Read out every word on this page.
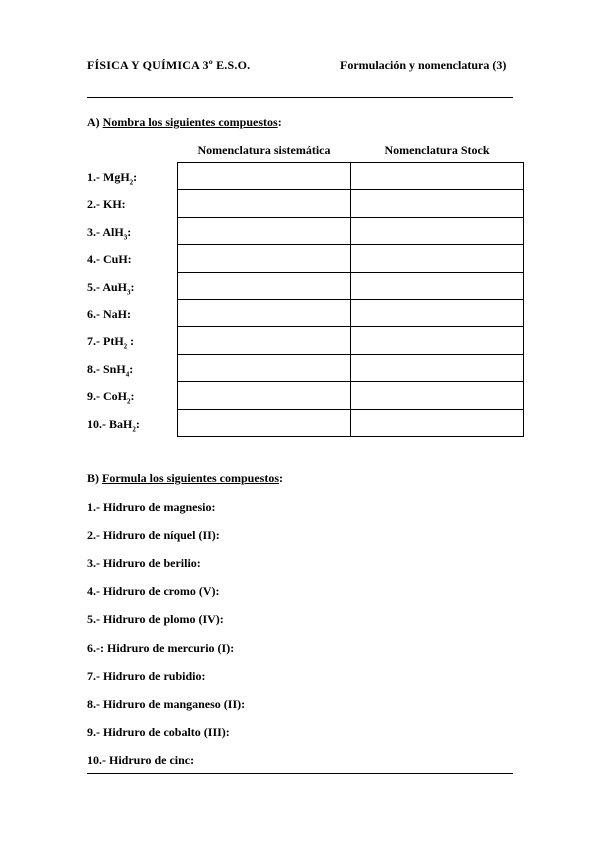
FÍSICA Y QUÍMICA 3º E.S.O.	Formulación y nomenclatura (3)
A) Nombra los siguientes compuestos:
Nomenclatura sistemática	Nomenclatura Stock
1.- MgH$_2$:
2.- KH:
3.- AlH$_3$:
4.- CuH:
5.- AuH$_3$:
6.- NaH:
7.- PtH$_2$ :
8.- SnH$_4$:
9.- CoH$_2$:
10.- BaH$_2$:

B) Formula los siguientes compuestos:
1.- Hidruro de magnesio:
2.- Hidruro de níquel (II):
3.- Hidruro de berilio:
4.- Hidruro de cromo (V):
5.- Hidruro de plomo (IV):
6.-: Hidruro de mercurio (I):
7.- Hidruro de rubidio:
8.- Hidruro de manganeso (II):
9.- Hidruro de cobalto (III):
10.- Hidruro de cinc:
